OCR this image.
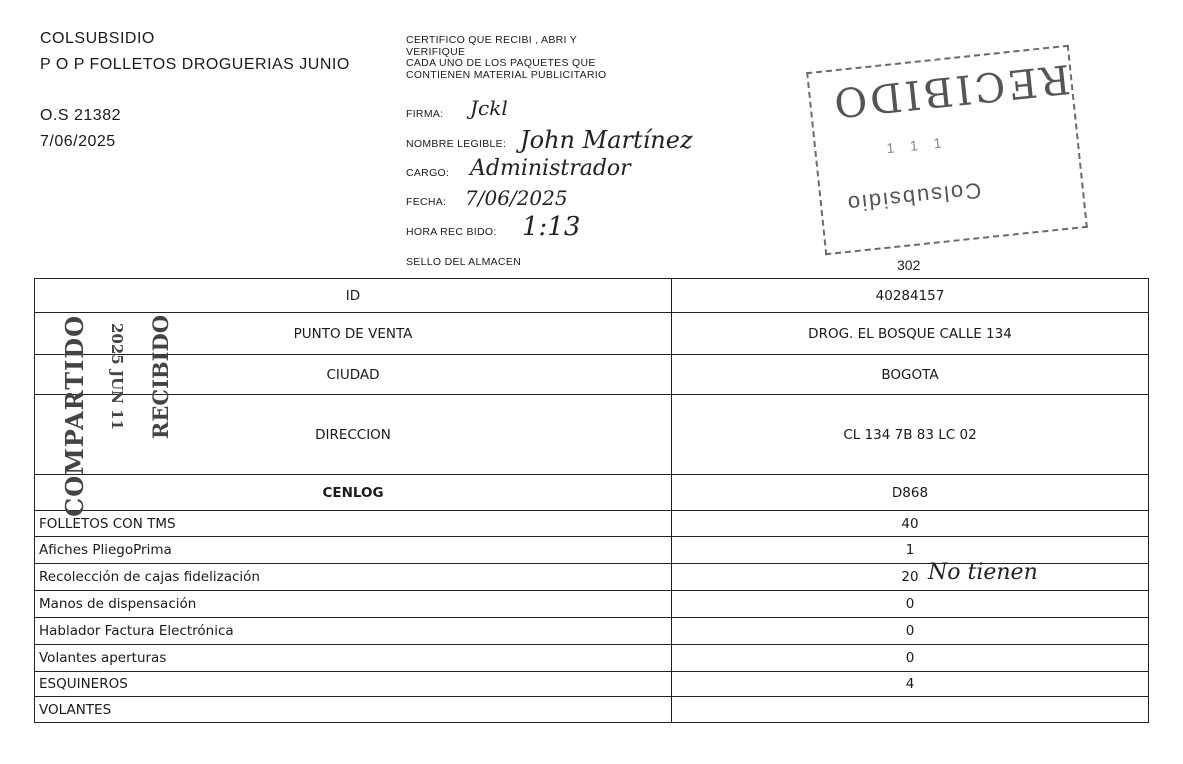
COLSUBSIDIO
P O P FOLLETOS DROGUERIAS JUNIO
O.S 21382
7/06/2025
CERTIFICO QUE RECIBI , ABRI Y
VERIFIQUE
CADA UNO DE LOS PAQUETES QUE
CONTIENEN MATERIAL PUBLICITARIO
FIRMA: Jckl
NOMBRE LEGIBLE: John Martínez
CARGO: Administrador
FECHA: 7/06/2025
HORA REC BIDO: 1:13
SELLO DEL ALMACEN
RECIBIDO
1 1 1
Colsubsidio
302
ID	40284157
PUNTO DE VENTA	DROG. EL BOSQUE CALLE 134
CIUDAD	BOGOTA
DIRECCION	CL 134 7B 83 LC 02
CENLOG	D868
FOLLETOS CON TMS	40
Afiches PliegoPrima	1
Recolección de cajas fidelización	20
Manos de dispensación	0
Hablador Factura Electrónica	0
Volantes aperturas	0
ESQUINEROS	4
VOLANTES	
COMPARTIDO 2025 JUN 11 RECIBIDO
No tienen
